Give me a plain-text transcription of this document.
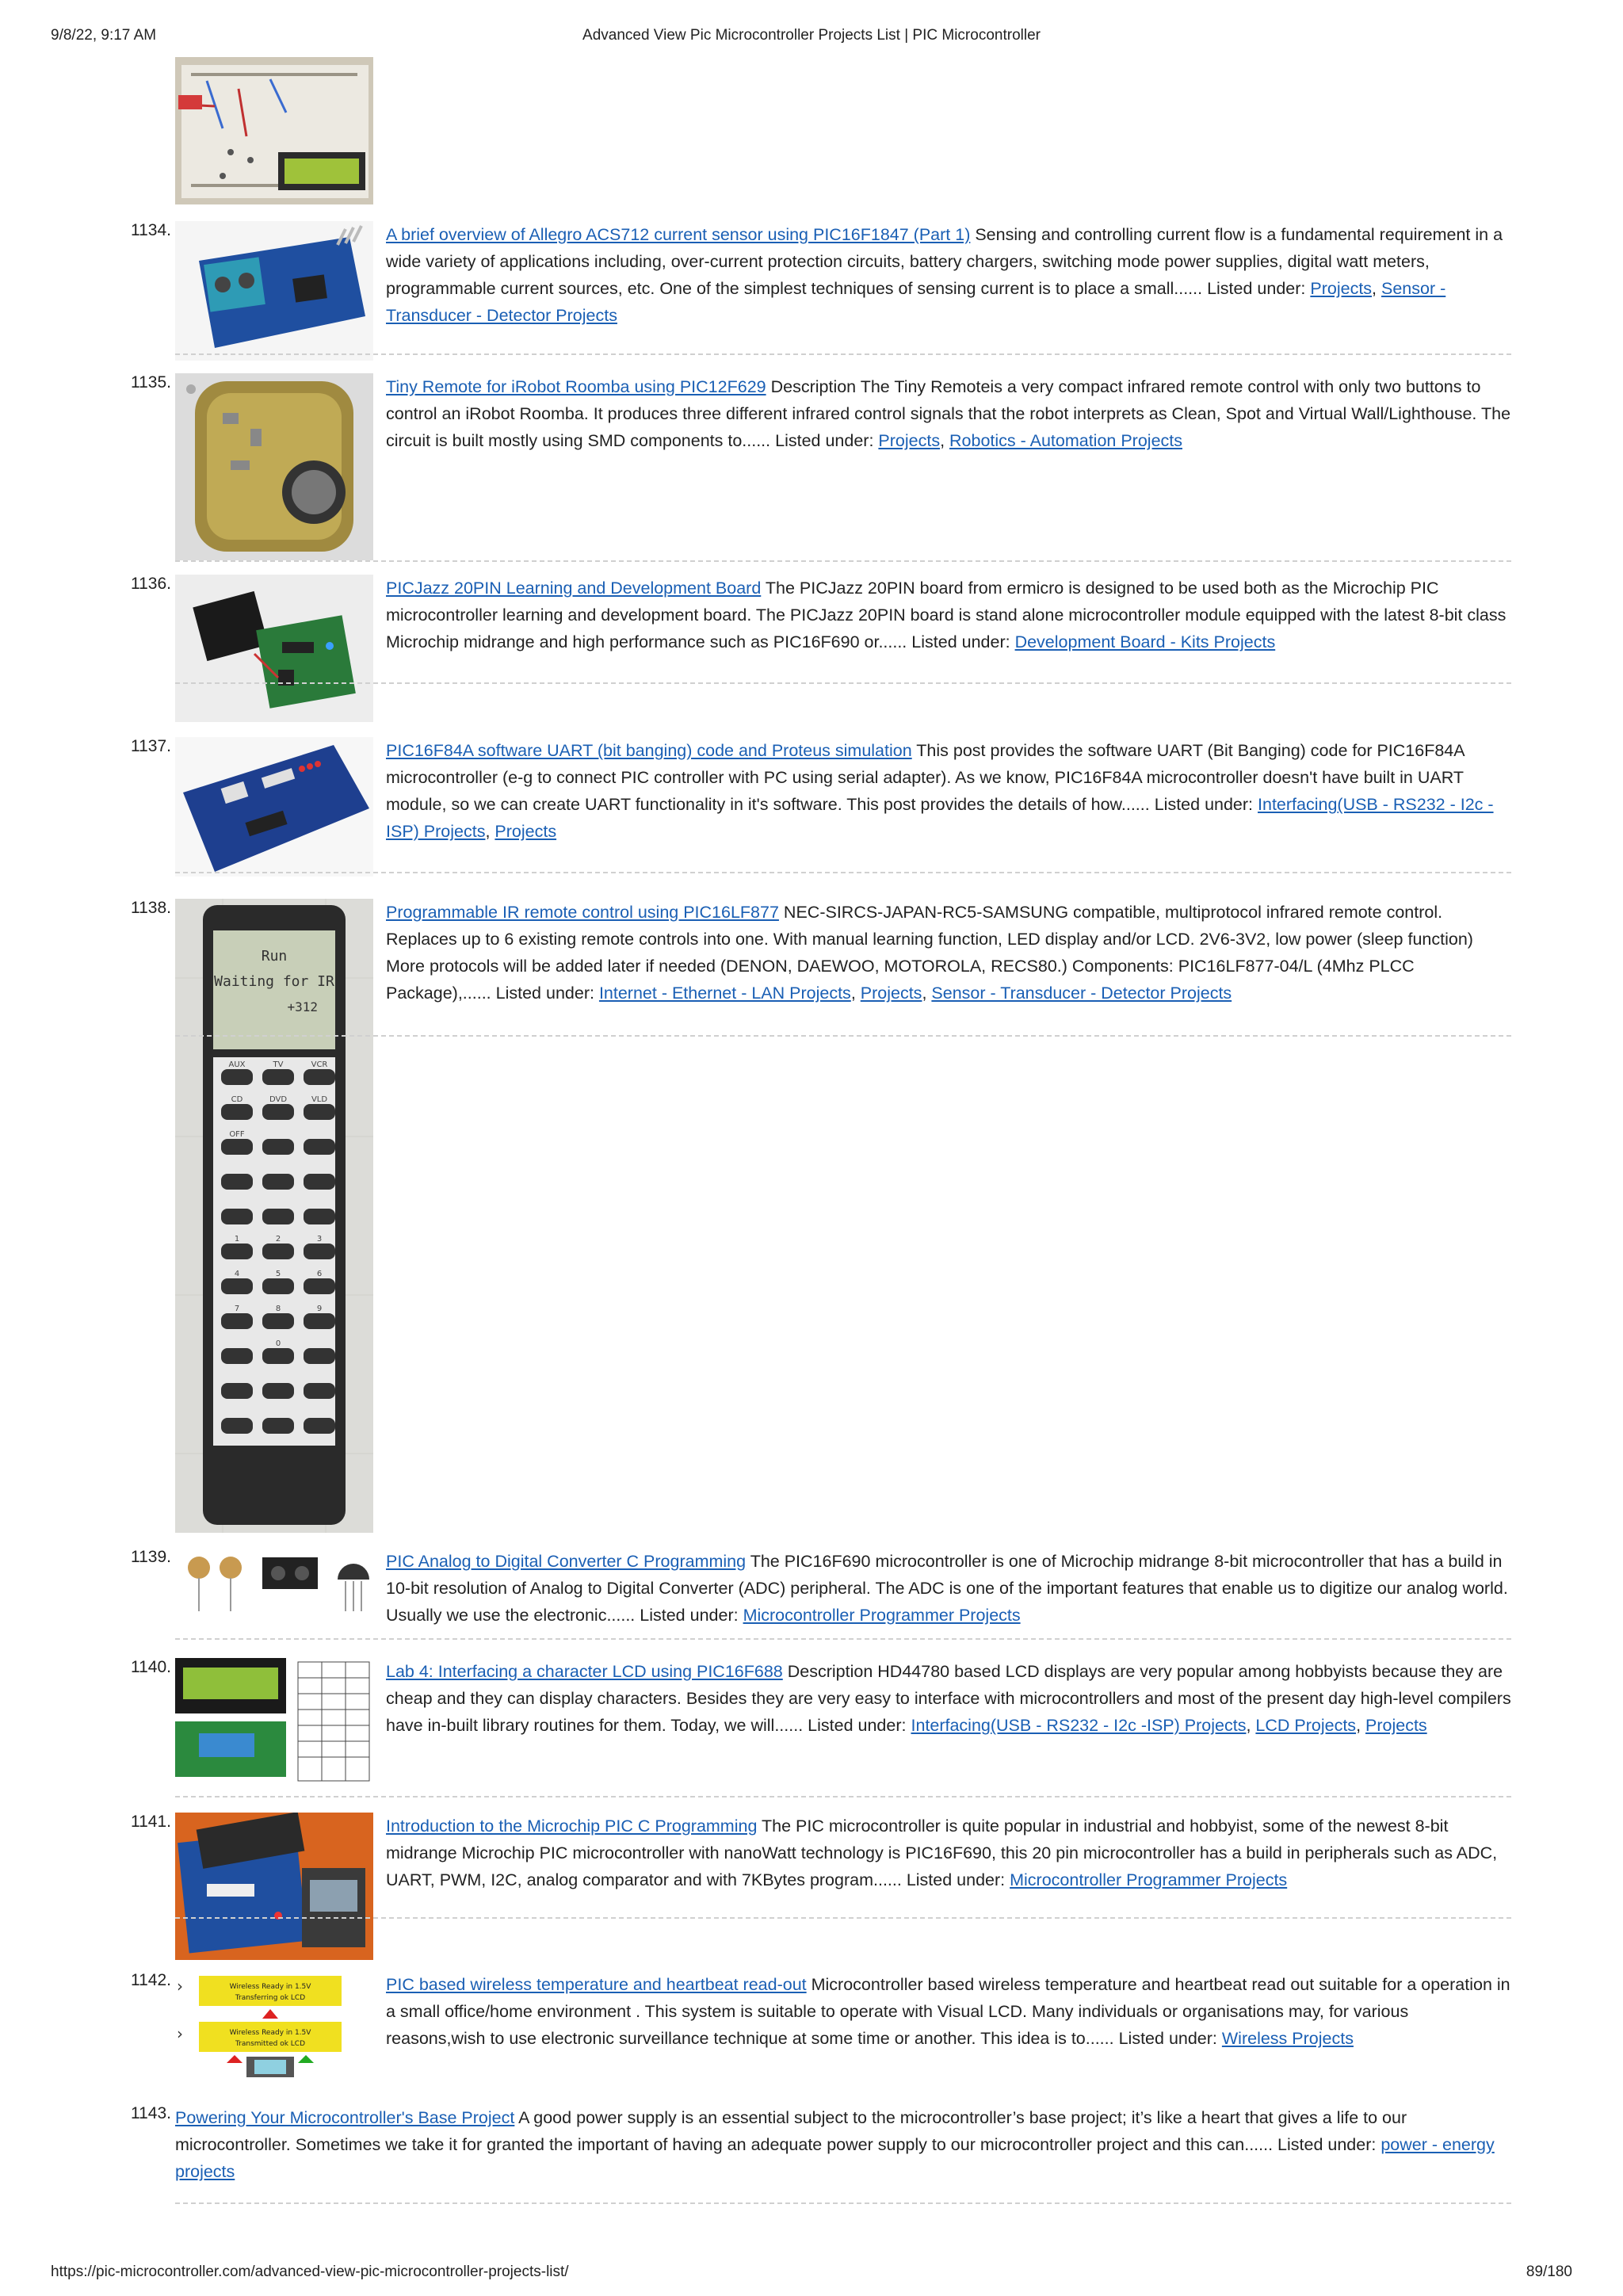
9/8/22, 9:17 AM	Advanced View Pic Microcontroller Projects List | PIC Microcontroller
1134.	A brief overview of Allegro ACS712 current sensor using PIC16F1847 (Part 1) Sensing and controlling current flow is a fundamental requirement in a wide variety of applications including, over-current protection circuits, battery chargers, switching mode power supplies, digital watt meters, programmable current sources, etc. One of the simplest techniques of sensing current is to place a small...... Listed under: Projects, Sensor - Transducer - Detector Projects
1135.	Tiny Remote for iRobot Roomba using PIC12F629 Description The Tiny Remoteis a very compact infrared remote control with only two buttons to control an iRobot Roomba. It produces three different infrared control signals that the robot interprets as Clean, Spot and Virtual Wall/Lighthouse. The circuit is built mostly using SMD components to...... Listed under: Projects, Robotics - Automation Projects
1136.	PICJazz 20PIN Learning and Development Board The PICJazz 20PIN board from ermicro is designed to be used both as the Microchip PIC microcontroller learning and development board. The PICJazz 20PIN board is stand alone microcontroller module equipped with the latest 8-bit class Microchip midrange and high performance such as PIC16F690 or...... Listed under: Development Board - Kits Projects
1137.	PIC16F84A software UART (bit banging) code and Proteus simulation This post provides the software UART (Bit Banging) code for PIC16F84A microcontroller (e-g to connect PIC controller with PC using serial adapter). As we know, PIC16F84A microcontroller doesn't have built in UART module, so we can create UART functionality in it's software. This post provides the details of how...... Listed under: Interfacing(USB - RS232 - I2c -ISP) Projects, Projects
1138.
Run
Waiting for IR
+312
AUX	TV	VCR
CD	DVD	VLD
OFF
1	2	3
4	5	6
7	8	9
0
Programmable IR remote control using PIC16LF877 NEC-SIRCS-JAPAN-RC5-SAMSUNG compatible, multiprotocol infrared remote control. Replaces up to 6 existing remote controls into one. With manual learning function, LED display and/or LCD. 2V6-3V2, low power (sleep function) More protocols will be added later if needed (DENON, DAEWOO, MOTOROLA, RECS80.) Components: PIC16LF877-04/L (4Mhz PLCC Package),...... Listed under: Internet - Ethernet - LAN Projects, Projects, Sensor - Transducer - Detector Projects
1139.	PIC Analog to Digital Converter C Programming The PIC16F690 microcontroller is one of Microchip midrange 8-bit microcontroller that has a build in 10-bit resolution of Analog to Digital Converter (ADC) peripheral. The ADC is one of the important features that enable us to digitize our analog world. Usually we use the electronic...... Listed under: Microcontroller Programmer Projects
1140.	Lab 4: Interfacing a character LCD using PIC16F688 Description HD44780 based LCD displays are very popular among hobbyists because they are cheap and they can display characters. Besides they are very easy to interface with microcontrollers and most of the present day high-level compilers have in-built library routines for them. Today, we will...... Listed under: Interfacing(USB - RS232 - I2c -ISP) Projects, LCD Projects, Projects
1141.	Introduction to the Microchip PIC C Programming The PIC microcontroller is quite popular in industrial and hobbyist, some of the newest 8-bit midrange Microchip PIC microcontroller with nanoWatt technology is PIC16F690, this 20 pin microcontroller has a build in peripherals such as ADC, UART, PWM, I2C, analog comparator and with 7KBytes program...... Listed under: Microcontroller Programmer Projects
1142. ›	Wireless Ready in 1.5V
Transferring ok LCD
›	Wireless Ready in 1.5V
Transmitted ok LCD
PIC based wireless temperature and heartbeat read-out Microcontroller based wireless temperature and heartbeat read out suitable for a operation in a small office/home environment . This system is suitable to operate with Visual LCD. Many individuals or organisations may, for various reasons,wish to use electronic surveillance technique at some time or another. This idea is to...... Listed under: Wireless Projects
1143. Powering Your Microcontroller's Base Project A good power supply is an essential subject to the microcontroller’s base project; it’s like a heart that gives a life to our microcontroller. Sometimes we take it for granted the important of having an adequate power supply to our microcontroller project and this can...... Listed under: power - energy projects
https://pic-microcontroller.com/advanced-view-pic-microcontroller-projects-list/	89/180
